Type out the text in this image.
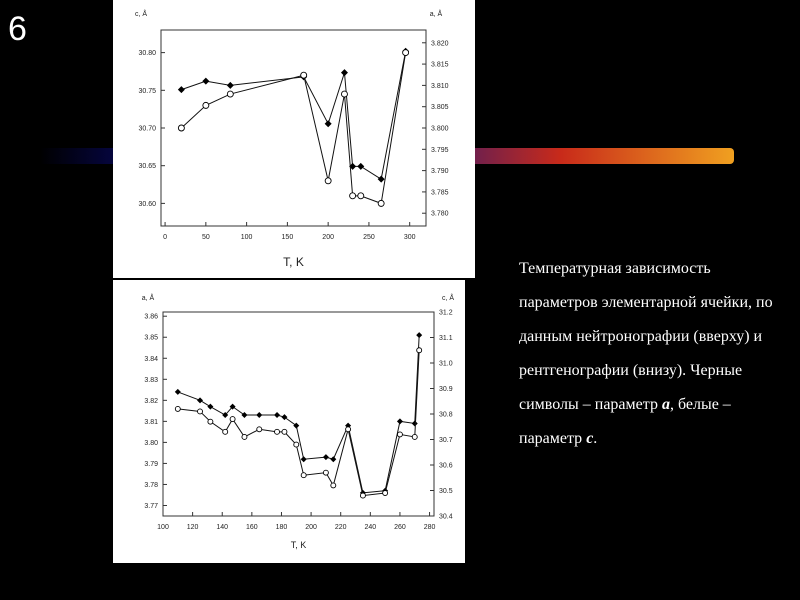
6
0	50	100	150	200	250	300
30.60
30.65
30.70
30.75
30.80
3.780
3.785
3.790
3.795
3.800
3.805
3.810
3.815
3.820
T, K
c, Å	a, Å
100	120	140	160	180	200	220	240	260	280
3.77
3.78
3.79
3.80
3.81
3.82
3.83
3.84
3.85
3.86
30.4
30.5
30.6
30.7
30.8
30.9
31.0
31.1
31.2
T, K
a, Å	c, Å
Температурная зависимость параметров элементарной ячейки, по данным нейтронографии (вверху) и рентгенографии (внизу). Черные символы – параметр a, белые – параметр c.
